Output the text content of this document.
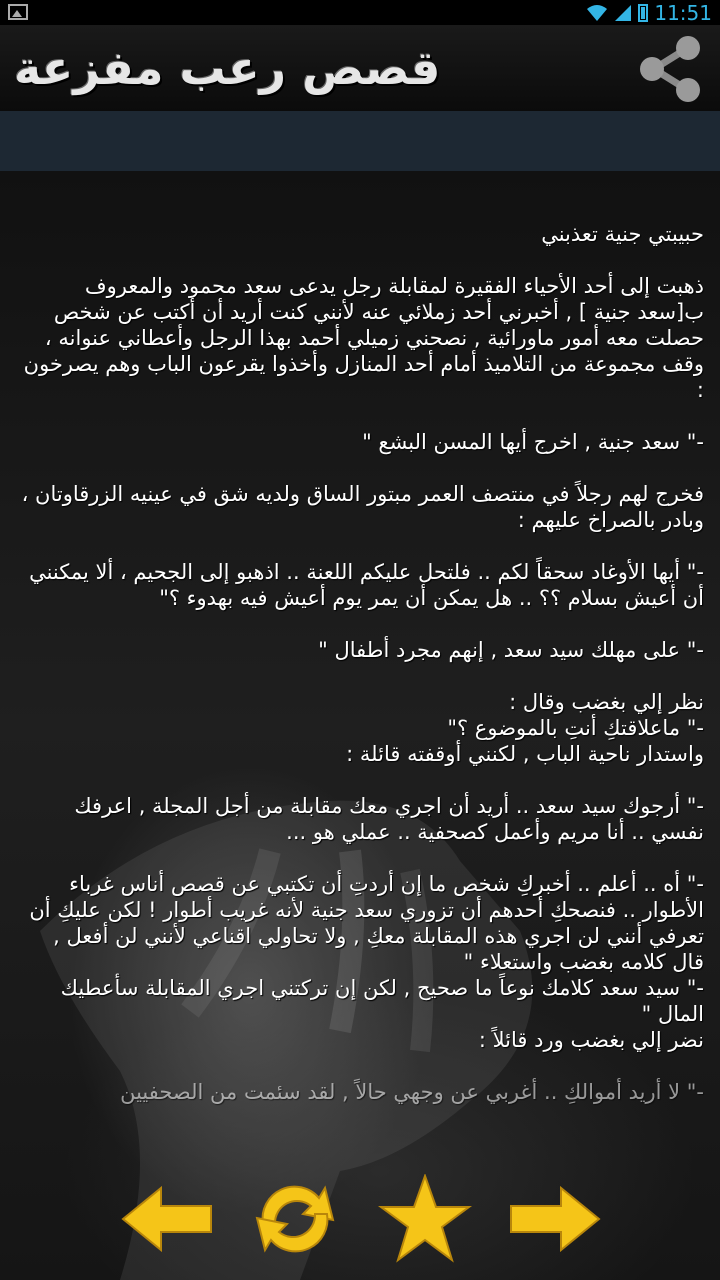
11:51
قصص رعب مفزعة

حبيبتي جنية تعذبني

ذهبت إلى أحد الأحياء الفقيرة لمقابلة رجل يدعى سعد محمود والمعروف ب[سعد جنية ] , أخبرني أحد زملائي عنه لأنني كنت أريد أن أكتب عن شخص حصلت معه أمور ماورائية , نصحني زميلي أحمد بهذا الرجل وأعطاني عنوانه ، وقف مجموعة من التلاميذ أمام أحد المنازل وأخذوا يقرعون الباب وهم يصرخون :

-" سعد جنية , اخرج أيها المسن البشع "

فخرج لهم رجلاً في منتصف العمر مبتور الساق ولديه شق في عينيه الزرقاوتان ، وبادر بالصراخ عليهم :

-" أيها الأوغاد سحقاً لكم .. فلتحل عليكم اللعنة .. اذهبو إلى الجحيم ، ألا يمكنني أن أعيش بسلام ؟؟ .. هل يمكن أن يمر يوم أعيش فيه بهدوء ؟"

-" على مهلك سيد سعد , إنهم مجرد أطفال "

نظر إلي بغضب وقال :

-" ماعلاقتكِ أنتِ بالموضوع ؟"

واستدار ناحية الباب , لكنني أوقفته قائلة :

-" أرجوك سيد سعد .. أريد أن اجري معك مقابلة من أجل المجلة , اعرفك نفسي .. أنا مريم وأعمل كصحفية .. عملي هو ...

-" أه .. أعلم .. أخبركِ شخص ما إن أردتِ أن تكتبي عن قصص أناس غرباء الأطوار .. فنصحكِ أحدهم أن تزوري سعد جنية لأنه غريب أطوار ! لكن عليكِ أن تعرفي أنني لن اجري هذه المقابلة معكِ , ولا تحاولي اقناعي لأنني لن أفعل , قال كلامه بغضب واستعلاء "

-" سيد سعد كلامك نوعاً ما صحيح , لكن إن تركتني اجري المقابلة سأعطيك المال "

نضر إلي بغضب ورد قائلاً :

-" لا أريد أموالكِ .. أغربي عن وجهي حالاً , لقد سئمت من الصحفيين
